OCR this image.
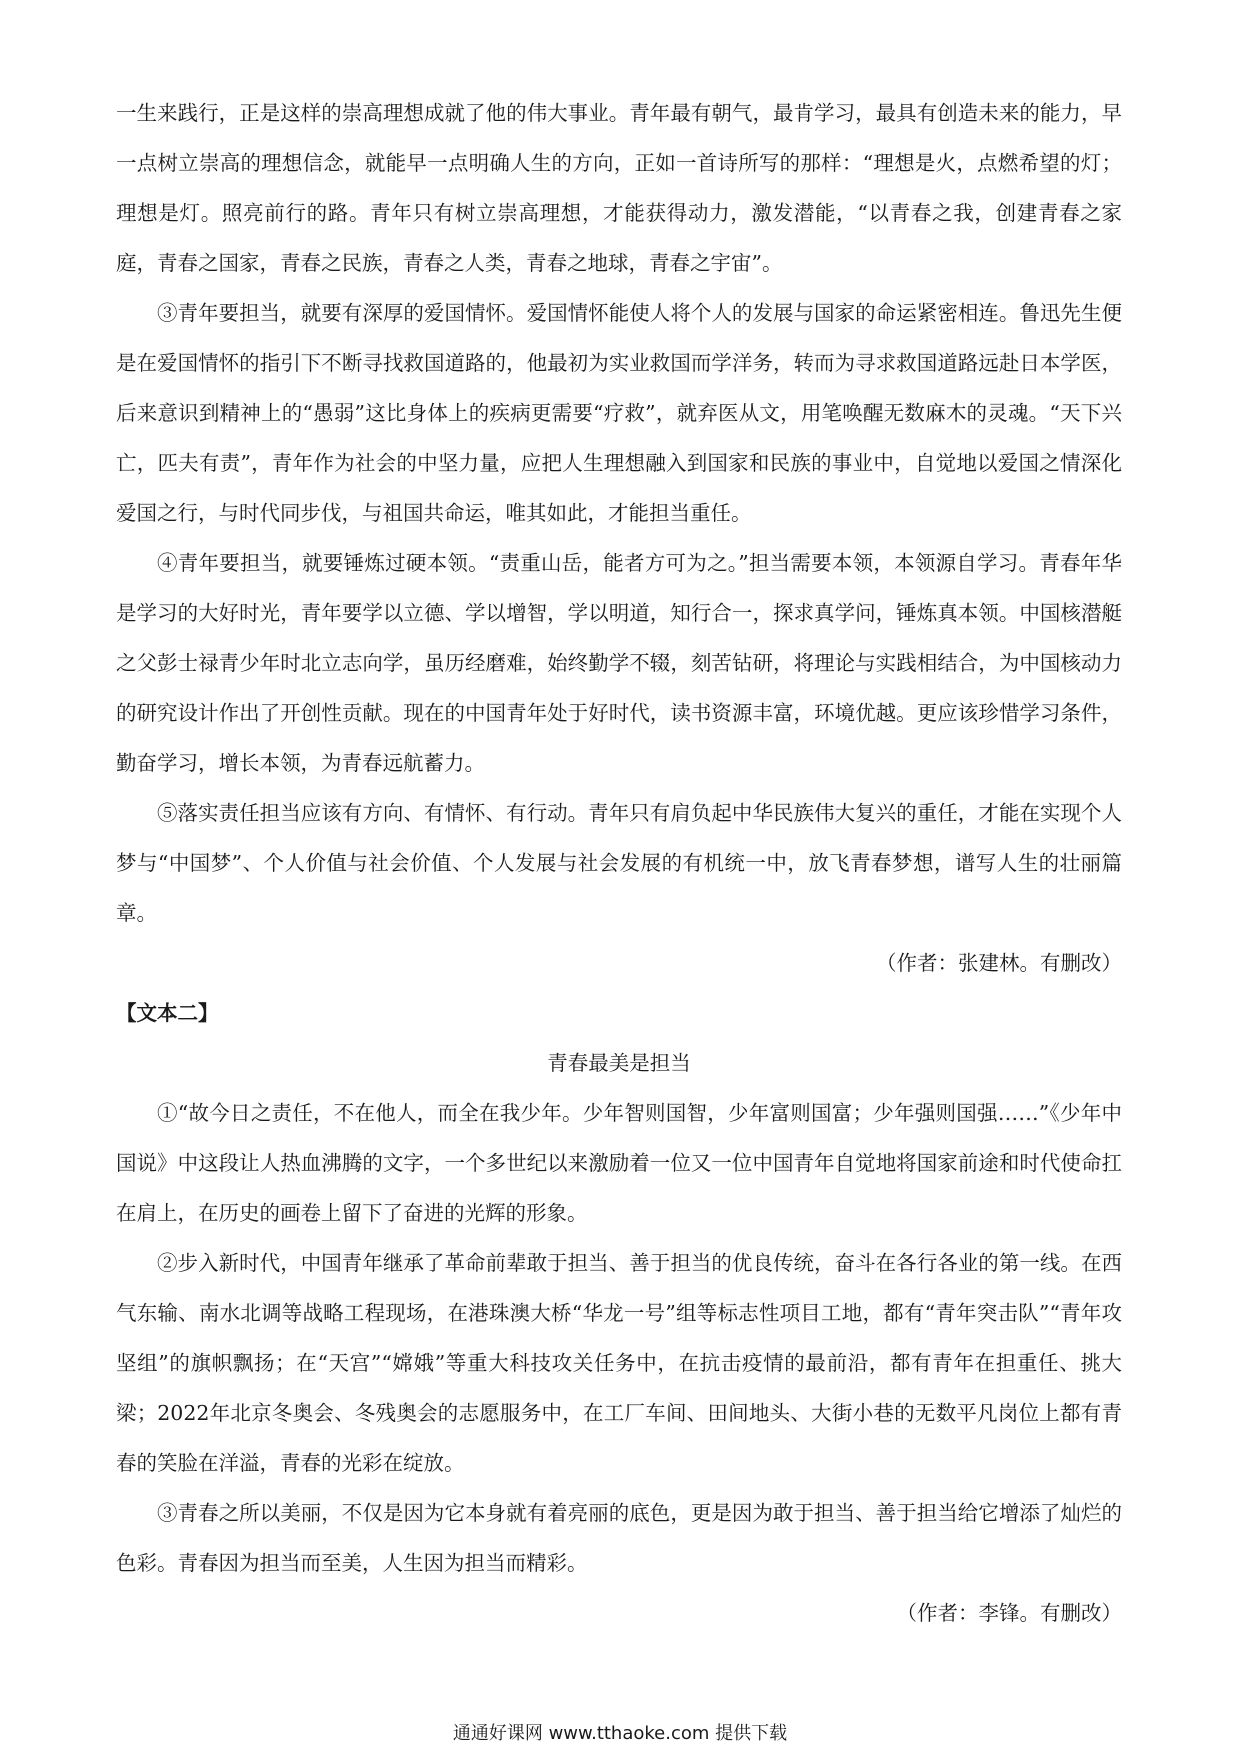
一生来践行，正是这样的崇高理想成就了他的伟大事业。青年最有朝气，最肯学习，最具有创造未来的能力，早一点树立崇高的理想信念，就能早一点明确人生的方向，正如一首诗所写的那样：“理想是火，点燃希望的灯；理想是灯。照亮前行的路。青年只有树立崇高理想，才能获得动力，激发潜能，“以青春之我，创建青春之家庭，青春之国家，青春之民族，青春之人类，青春之地球，青春之宇宙”。

③青年要担当，就要有深厚的爱国情怀。爱国情怀能使人将个人的发展与国家的命运紧密相连。鲁迅先生便是在爱国情怀的指引下不断寻找救国道路的，他最初为实业救国而学洋务，转而为寻求救国道路远赴日本学医，后来意识到精神上的“愚弱”这比身体上的疾病更需要“疗救”，就弃医从文，用笔唤醒无数麻木的灵魂。“天下兴亡，匹夫有责”，青年作为社会的中坚力量，应把人生理想融入到国家和民族的事业中，自觉地以爱国之情深化爱国之行，与时代同步伐，与祖国共命运，唯其如此，才能担当重任。

④青年要担当，就要锤炼过硬本领。“责重山岳，能者方可为之。”担当需要本领，本领源自学习。青春年华是学习的大好时光，青年要学以立德、学以增智，学以明道，知行合一，探求真学问，锤炼真本领。中国核潜艇之父彭士禄青少年时北立志向学，虽历经磨难，始终勤学不辍，刻苦钻研，将理论与实践相结合，为中国核动力的研究设计作出了开创性贡献。现在的中国青年处于好时代，读书资源丰富，环境优越。更应该珍惜学习条件，勤奋学习，增长本领，为青春远航蓄力。

⑤落实责任担当应该有方向、有情怀、有行动。青年只有肩负起中华民族伟大复兴的重任，才能在实现个人梦与“中国梦”、个人价值与社会价值、个人发展与社会发展的有机统一中，放飞青春梦想，谱写人生的壮丽篇章。

（作者：张建林。有删改）

【文本二】

青春最美是担当

①“故今日之责任，不在他人，而全在我少年。少年智则国智，少年富则国富；少年强则国强……”《少年中国说》中这段让人热血沸腾的文字，一个多世纪以来激励着一位又一位中国青年自觉地将国家前途和时代使命扛在肩上，在历史的画卷上留下了奋进的光辉的形象。

②步入新时代，中国青年继承了革命前辈敢于担当、善于担当的优良传统，奋斗在各行各业的第一线。在西气东输、南水北调等战略工程现场，在港珠澳大桥“华龙一号”组等标志性项目工地，都有“青年突击队”“青年攻坚组”的旗帜飘扬；在“天宫”“嫦娥”等重大科技攻关任务中，在抗击疫情的最前沿，都有青年在担重任、挑大梁；2022年北京冬奥会、冬残奥会的志愿服务中，在工厂车间、田间地头、大街小巷的无数平凡岗位上都有青春的笑脸在洋溢，青春的光彩在绽放。

③青春之所以美丽，不仅是因为它本身就有着亮丽的底色，更是因为敢于担当、善于担当给它增添了灿烂的色彩。青春因为担当而至美，人生因为担当而精彩。

（作者：李锋。有删改）

通通好课网 www.tthaoke.com 提供下载
